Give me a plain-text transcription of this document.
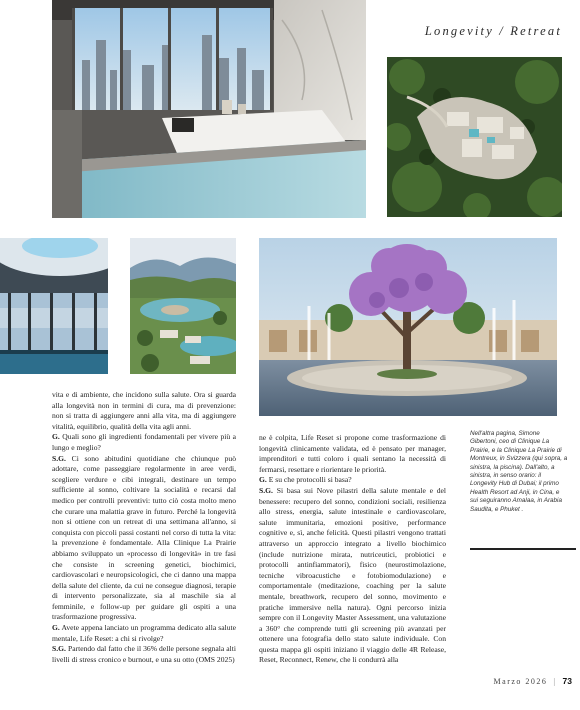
Longevity / Retreat

vita e di ambiente, che incidono sulla salute. Ora si guarda alla longevità non in termini di cura, ma di prevenzione: non si tratta di aggiungere anni alla vita, ma di aggiungere vitalità, equilibrio, qualità della vita agli anni.

G. Quali sono gli ingredienti fondamentali per vivere più a lungo e meglio?

S.G. Ci sono abitudini quotidiane che chiunque può adottare, come passeggiare regolarmente in aree verdi, scegliere verdure e cibi integrali, destinare un tempo sufficiente al sonno, coltivare la socialità e recarsi dal medico per controlli preventivi: tutto ciò costa molto meno che curare una malattia grave in futuro. Perché la longevità non si ottiene con un retreat di una settimana all'anno, si conquista con piccoli passi costanti nel corso di tutta la vita: la prevenzione è fondamentale. Alla Clinique La Prairie abbiamo sviluppato un «processo di longevità» in tre fasi che consiste in screening genetici, biochimici, cardiovascolari e neuropsicologici, che ci danno una mappa della salute del cliente, da cui ne consegue diagnosi, terapie di intervento personalizzate, sia al maschile sia al femminile, e follow-up per guidare gli ospiti a una trasformazione progressiva.

G. Avete appena lanciato un programma dedicato alla salute mentale, Life Reset: a chi si rivolge?

S.G. Partendo dal fatto che il 36% delle persone segnala alti livelli di stress cronico e burnout, e una su otto (OMS 2025)

ne è colpita, Life Reset si propone come trasformazione di longevità clinicamente validata, ed è pensato per manager, imprenditori e tutti coloro i quali sentano la necessità di fermarsi, resettare e riorientare le priorità.

G. E su che protocolli si basa?

S.G. Si basa sui Nove pilastri della salute mentale e del benessere: recupero del sonno, condizioni sociali, resilienza allo stress, energia, salute intestinale e cardiovascolare, salute immunitaria, emozioni positive, performance cognitive e, sì, anche felicità. Questi pilastri vengono trattati attraverso un approccio integrato a livello biochimico (include nutrizione mirata, nutriceutici, probiotici e protocolli antinfiammatori), fisico (neurostimolazione, tecniche vibroacustiche e fotobiomodulazione) e comportamentale (meditazione, coaching per la salute mentale, breathwork, recupero del sonno, movimento e pratiche immersive nella natura). Ogni percorso inizia sempre con il Longevity Master Assessment, una valutazione a 360° che comprende tutti gli screening più avanzati per ottenere una fotografia dello stato salute individuale. Con questa mappa gli ospiti iniziano il viaggio delle 4R Release, Reset, Reconnect, Renew, che li condurrà alla

Nell'altra pagina, Simone Gibertoni, ceo di Clinique La Prairie, e la Clinique La Prairie di Montreux, in Svizzera (qui sopra, a sinistra, la piscina). Dall'alto, a sinistra, in senso orario: il Longevity Hub di Dubai; il primo Health Resort ad Anji, in Cina, e sui seguiranno Amalaa, in Arabia Saudita, e Phuket .
Marzo 2026 | 73
